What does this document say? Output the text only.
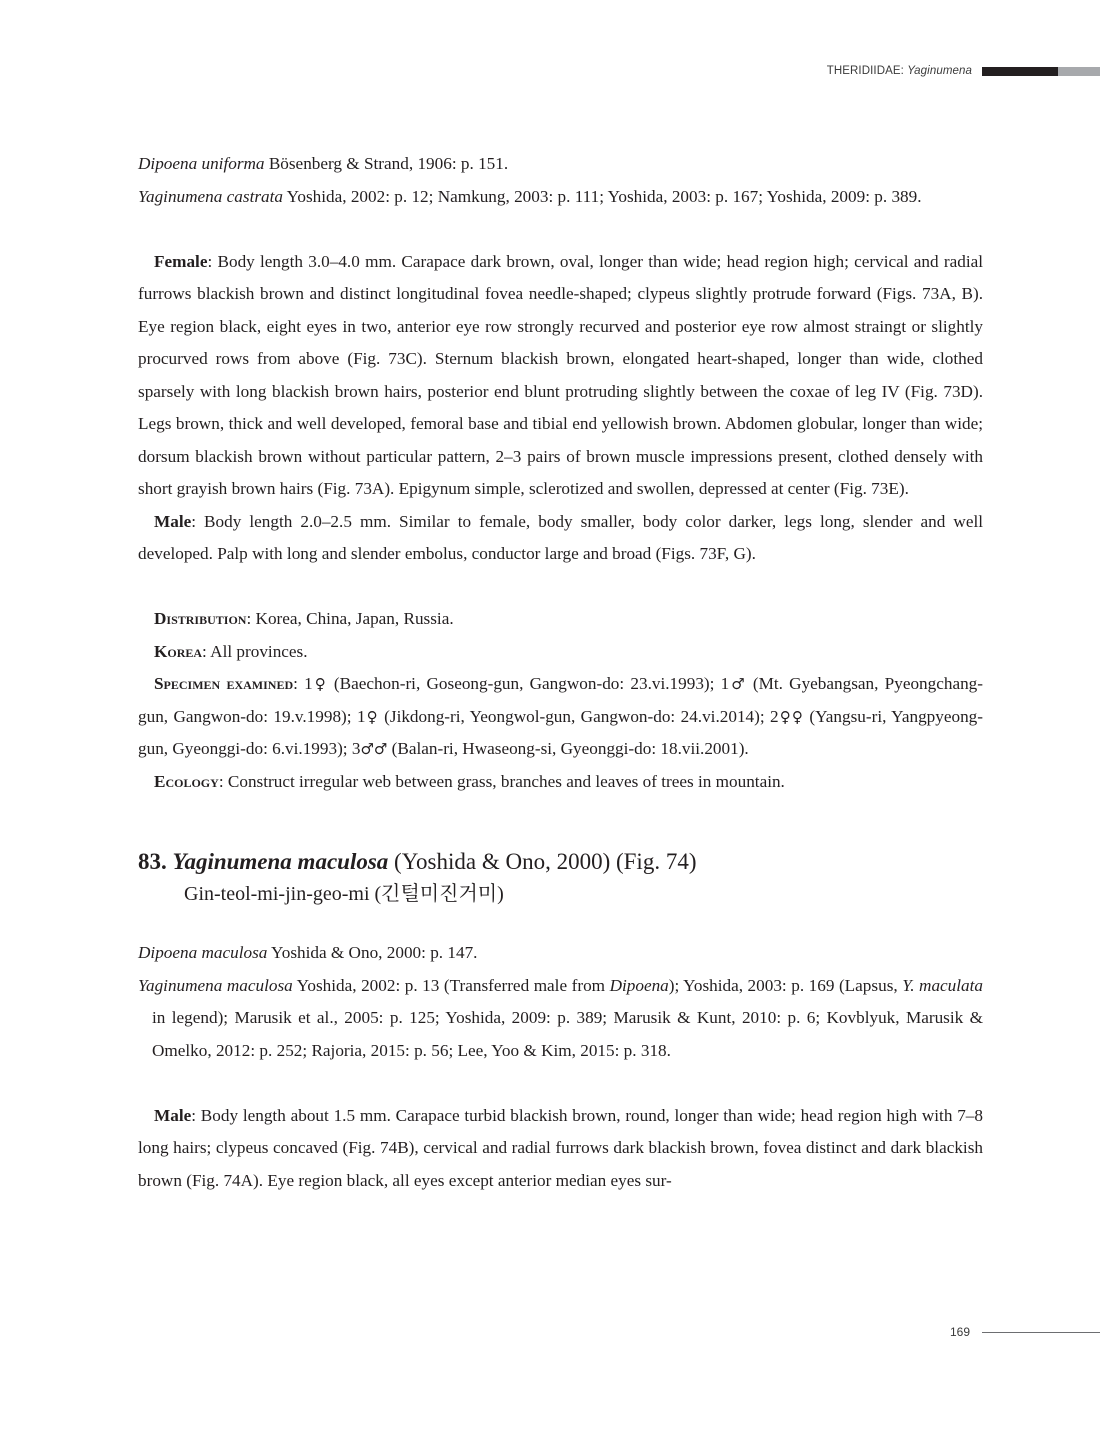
THERIDIIDAE: Yaginumena

Dipoena uniforma Bösenberg & Strand, 1906: p. 151.

Yaginumena castrata Yoshida, 2002: p. 12; Namkung, 2003: p. 111; Yoshida, 2003: p. 167; Yoshida, 2009: p. 389.

Female: Body length 3.0–4.0 mm. Carapace dark brown, oval, longer than wide; head region high; cervical and radial furrows blackish brown and distinct longitudinal fovea needle-shaped; clypeus slightly protrude forward (Figs. 73A, B). Eye region black, eight eyes in two, anterior eye row strongly recurved and posterior eye row almost straingt or slightly procurved rows from above (Fig. 73C). Sternum blackish brown, elongated heart-shaped, longer than wide, clothed sparsely with long blackish brown hairs, posterior end blunt protruding slightly between the coxae of leg IV (Fig. 73D). Legs brown, thick and well developed, femoral base and tibial end yellowish brown. Abdomen globular, longer than wide; dorsum blackish brown without particular pattern, 2–3 pairs of brown muscle impressions present, clothed densely with short grayish brown hairs (Fig. 73A). Epigynum simple, sclerotized and swollen, depressed at center (Fig. 73E).

Male: Body length 2.0–2.5 mm. Similar to female, body smaller, body color darker, legs long, slender and well developed. Palp with long and slender embolus, conductor large and broad (Figs. 73F, G).

Distribution: Korea, China, Japan, Russia.

Korea: All provinces.

Specimen examined: 1♀ (Baechon-ri, Goseong-gun, Gangwon-do: 23.vi.1993); 1♂ (Mt. Gyebangsan, Pyeongchang-gun, Gangwon-do: 19.v.1998); 1♀ (Jikdong-ri, Yeongwol-gun, Gangwon-do: 24.vi.2014); 2♀♀ (Yangsu-ri, Yangpyeong-gun, Gyeonggi-do: 6.vi.1993); 3♂♂ (Balan-ri, Hwaseong-si, Gyeonggi-do: 18.vii.2001).

Ecology: Construct irregular web between grass, branches and leaves of trees in mountain.

83. Yaginumena maculosa (Yoshida & Ono, 2000) (Fig. 74)

Gin-teol-mi-jin-geo-mi (긴털미진거미)

Dipoena maculosa Yoshida & Ono, 2000: p. 147.

Yaginumena maculosa Yoshida, 2002: p. 13 (Transferred male from Dipoena); Yoshida, 2003: p. 169 (Lapsus, Y. maculata in legend); Marusik et al., 2005: p. 125; Yoshida, 2009: p. 389; Marusik & Kunt, 2010: p. 6; Kovblyuk, Marusik & Omelko, 2012: p. 252; Rajoria, 2015: p. 56; Lee, Yoo & Kim, 2015: p. 318.

Male: Body length about 1.5 mm. Carapace turbid blackish brown, round, longer than wide; head region high with 7–8 long hairs; clypeus concaved (Fig. 74B), cervical and radial furrows dark blackish brown, fovea distinct and dark blackish brown (Fig. 74A). Eye region black, all eyes except anterior median eyes sur-

169
